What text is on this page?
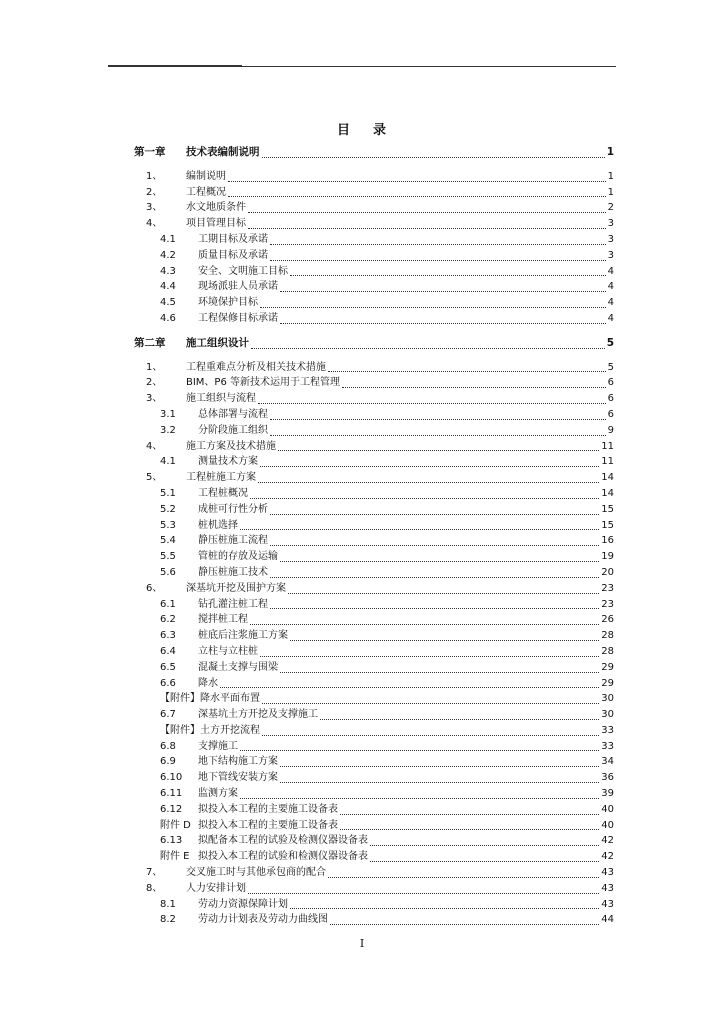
目 录
第一章	技术表编制说明	1
1、	编制说明	1
2、	工程概况	1
3、	水文地质条件	2
4、	项目管理目标	3
4.1	工期目标及承诺	3
4.2	质量目标及承诺	3
4.3	安全、文明施工目标	4
4.4	现场派驻人员承诺	4
4.5	环境保护目标	4
4.6	工程保修目标承诺	4
第二章	施工组织设计	5
1、	工程重难点分析及相关技术措施	5
2、	BIM、P6 等新技术运用于工程管理	6
3、	施工组织与流程	6
3.1	总体部署与流程	6
3.2	分阶段施工组织	9
4、	施工方案及技术措施	11
4.1	测量技术方案	11
5、	工程桩施工方案	14
5.1	工程桩概况	14
5.2	成桩可行性分析	15
5.3	桩机选择	15
5.4	静压桩施工流程	16
5.5	管桩的存放及运输	19
5.6	静压桩施工技术	20
6、	深基坑开挖及围护方案	23
6.1	钻孔灌注桩工程	23
6.2	搅拌桩工程	26
6.3	桩底后注浆施工方案	28
6.4	立柱与立柱桩	28
6.5	混凝土支撑与围梁	29
6.6	降水	29
【附件】 降水平面布置	30
6.7	深基坑土方开挖及支撑施工	30
【附件】 土方开挖流程	33
6.8	支撑施工	33
6.9	地下结构施工方案	34
6.10	地下管线安装方案	36
6.11	监测方案	39
6.12	拟投入本工程的主要施工设备表	40
附件 D 拟投入本工程的主要施工设备表	40
6.13	拟配备本工程的试验及检测仪器设备表	42
附件 E 拟投入本工程的试验和检测仪器设备表	42
7、	交叉施工时与其他承包商的配合	43
8、	人力安排计划	43
8.1	劳动力资源保障计划	43
8.2	劳动力计划表及劳动力曲线图	44
I
